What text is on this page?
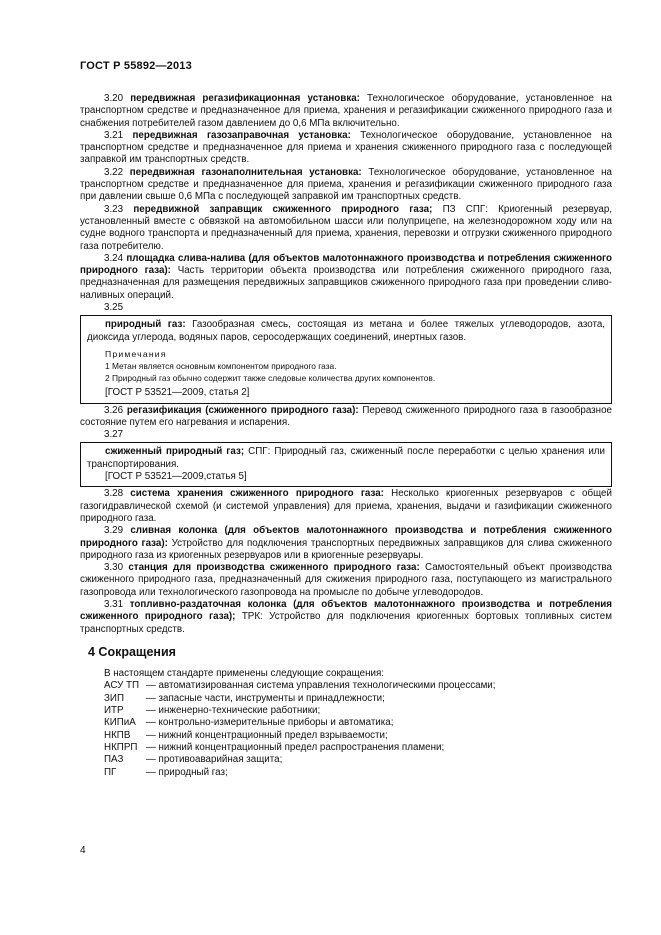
ГОСТ Р 55892—2013

3.20 передвижная регазификационная установка: Технологическое оборудование, установленное на транспортном средстве и предназначенное для приема, хранения и регазификации сжиженного природного газа и снабжения потребителей газом давлением до 0,6 МПа включительно.

3.21 передвижная газозаправочная установка: Технологическое оборудование, установленное на транспортном средстве и предназначенное для приема и хранения сжиженного природного газа с последующей заправкой им транспортных средств.

3.22 передвижная газонаполнительная установка: Технологическое оборудование, установленное на транспортном средстве и предназначенное для приема, хранения и регазификации сжиженного природного газа при давлении свыше 0,6 МПа с последующей заправкой им транспортных средств.

3.23 передвижной заправщик сжиженного природного газа; ПЗ СПГ: Криогенный резервуар, установленный вместе с обвязкой на автомобильном шасси или полуприцепе, на железнодорожном ходу или на судне водного транспорта и предназначенный для приема, хранения, перевозки и отгрузки сжиженного природного газа потребителю.

3.24 площадка слива-налива (для объектов малотоннажного производства и потребления сжиженного природного газа): Часть территории объекта производства или потребления сжиженного природного газа, предназначенная для размещения передвижных заправщиков сжиженного природного газа при проведении сливо-наливных операций.

3.25

природный газ: Газообразная смесь, состоящая из метана и более тяжелых углеводородов, азота, диоксида углерода, водяных паров, серосодержащих соединений, инертных газов.

Примечания

1 Метан является основным компонентом природного газа.

2 Природный газ обычно содержит также следовые количества других компонентов.

[ГОСТ Р 53521—2009, статья 2]

3.26 регазификация (сжиженного природного газа): Перевод сжиженного природного газа в газообразное состояние путем его нагревания и испарения.

3.27

сжиженный природный газ; СПГ: Природный газ, сжиженный после переработки с целью хранения или транспортирования.

[ГОСТ Р 53521—2009,статья 5]

3.28 система хранения сжиженного природного газа: Несколько криогенных резервуаров с общей газогидравлической схемой (и системой управления) для приема, хранения, выдачи и газификации сжиженного природного газа.

3.29 сливная колонка (для объектов малотоннажного производства и потребления сжиженного природного газа): Устройство для подключения транспортных передвижных заправщиков для слива сжиженного природного газа из криогенных резервуаров или в криогенные резервуары.

3.30 станция для производства сжиженного природного газа: Самостоятельный объект производства сжиженного природного газа, предназначенный для сжижения природного газа, поступающего из магистрального газопровода или технологического газопровода на промысле по добыче углеводородов.

3.31 топливно-раздаточная колонка (для объектов малотоннажного производства и потребления сжиженного природного газа); ТРК: Устройство для подключения криогенных бортовых топливных систем транспортных средств.

4 Сокращения

В настоящем стандарте применены следующие сокращения:

АСУ ТП — автоматизированная система управления технологическими процессами;
ЗИП	— запасные части, инструменты и принадлежности;
ИТР	— инженерно-технические работники;
КИПиА	— контрольно-измерительные приборы и автоматика;
НКПВ	— нижний концентрационный предел взрываемости;
НКПРП — нижний концентрационный предел распространения пламени;
ПАЗ	— противоаварийная защита;
ПГ	— природный газ;
4
